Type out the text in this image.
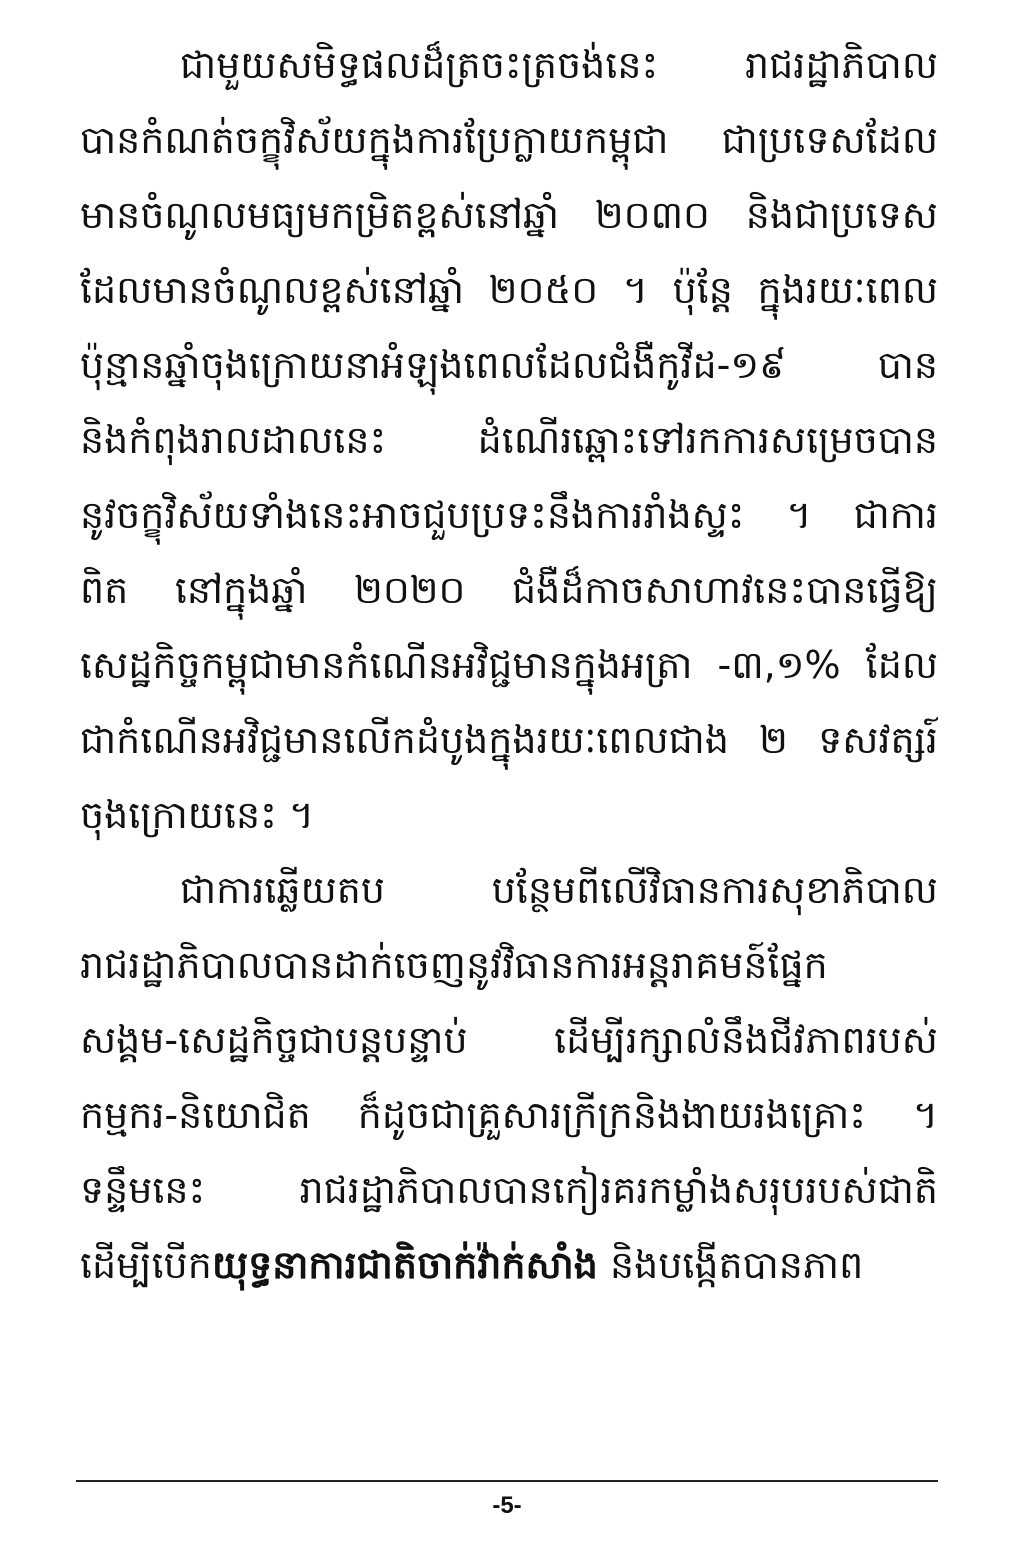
ជាមួយសមិទ្ធផលដ៏ត្រចះត្រចង់នេះ រាជរដ្ឋាភិបាល
បានកំណត់ចក្ខុវិស័យក្នុងការប្រែក្លាយកម្ពុជា ជាប្រទេសដែល
មានចំណូលមធ្យមកម្រិតខ្ពស់នៅឆ្នាំ ២០៣០ និងជាប្រទេស
ដែលមានចំណូលខ្ពស់នៅឆ្នាំ ២០៥០ ។ ប៉ុន្តែ ក្នុងរយៈពេល
ប៉ុន្មានឆ្នាំចុងក្រោយនាអំឡុងពេលដែលជំងឺកូវីដ-១៩ បាន
និងកំពុងរាលដាលនេះ ដំណើរឆ្ពោះទៅរកការសម្រេចបាន
នូវចក្ខុវិស័យទាំងនេះអាចជួបប្រទះនឹងការរាំងស្ទះ ។ ជាការ
ពិត នៅក្នុងឆ្នាំ ២០២០ ជំងឺដ៏កាចសាហាវនេះបានធ្វើឱ្យ
សេដ្ឋកិច្ចកម្ពុជាមានកំណើនអវិជ្ជមានក្នុងអត្រា -៣,១% ដែល
ជាកំណើនអវិជ្ជមានលើកដំបូងក្នុងរយៈពេលជាង ២ ទសវត្សរ៍
ចុងក្រោយនេះ ។
ជាការឆ្លើយតប បន្ថែមពីលើវិធានការសុខាភិបាល
រាជរដ្ឋាភិបាលបានដាក់ចេញនូវវិធានការអន្តរាគមន៍ផ្នែក
សង្គម-សេដ្ឋកិច្ចជាបន្តបន្ទាប់ ដើម្បីរក្សាលំនឹងជីវភាពរបស់
កម្មករ-និយោជិត ក៏ដូចជាគ្រួសារក្រីក្រនិងងាយរងគ្រោះ ។
ទន្ទឹមនេះ រាជរដ្ឋាភិបាលបានកៀរគរកម្លាំងសរុបរបស់ជាតិ
ដើម្បីបើកយុទ្ធនាការជាតិចាក់វ៉ាក់សាំង និងបង្កើតបានភាព
-5-
